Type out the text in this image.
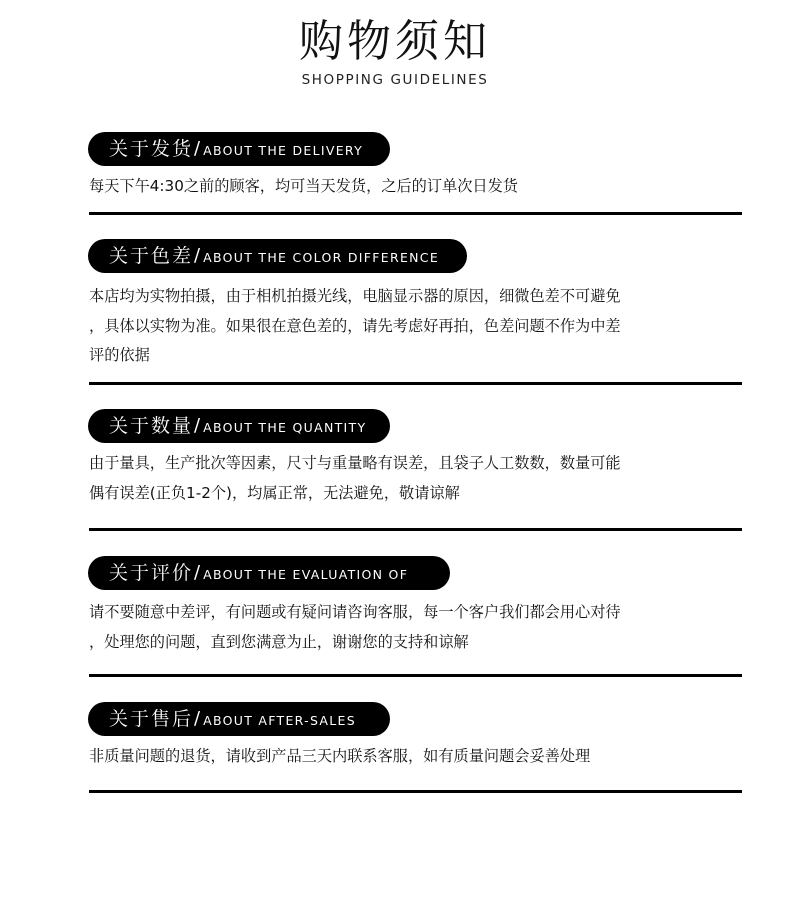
购物须知
SHOPPING GUIDELINES
关于发货 / ABOUT THE DELIVERY
每天下午4:30之前的顾客，均可当天发货，之后的订单次日发货
关于色差 / ABOUT THE COLOR DIFFERENCE
本店均为实物拍摄，由于相机拍摄光线，电脑显示器的原因，细微色差不可避免
，具体以实物为准。如果很在意色差的，请先考虑好再拍，色差问题不作为中差
评的依据
关于数量 / ABOUT THE QUANTITY
由于量具，生产批次等因素，尺寸与重量略有误差，且袋子人工数数，数量可能
偶有误差(正负1-2个)，均属正常，无法避免，敬请谅解
关于评价 / ABOUT THE EVALUATION OF
请不要随意中差评，有问题或有疑问请咨询客服，每一个客户我们都会用心对待
，处理您的问题，直到您满意为止，谢谢您的支持和谅解
关于售后 / ABOUT AFTER-SALES
非质量问题的退货，请收到产品三天内联系客服，如有质量问题会妥善处理
